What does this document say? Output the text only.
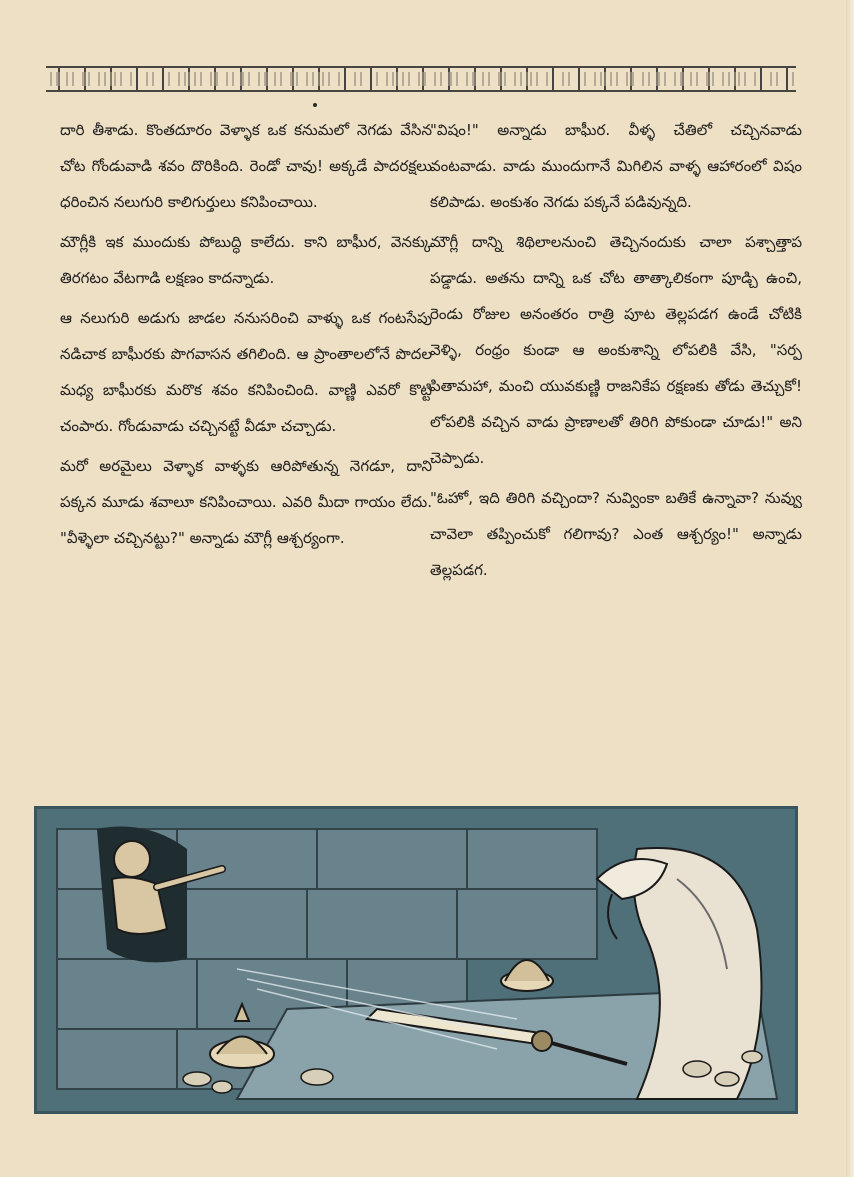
దారి తీశాడు. కొంతదూరం వెళ్ళాక ఒక కనుమలో నెగడు వేసిన చోట గోండువాడి శవం దొరికింది. రెండో చావు! అక్కడే పాదరక్షలు ధరించిన నలుగురి కాలిగుర్తులు కనిపించాయి.

మౌగ్లీకి ఇక ముందుకు పోబుద్ధి కాలేదు. కాని బాఘీర, వెనక్కు తిరగటం వేటగాడి లక్షణం కాదన్నాడు.

ఆ నలుగురి అడుగు జాడల ననుసరించి వాళ్ళు ఒక గంటసేపు నడిచాక బాఘీరకు పొగవాసన తగిలింది. ఆ ప్రాంతాలలోనే పొదల మధ్య బాఘీరకు మరొక శవం కనిపించింది. వాణ్ణి ఎవరో కొట్టి చంపారు. గోండువాడు చచ్చినట్టే వీడూ చచ్చాడు.

మరో అరమైలు వెళ్ళాక వాళ్ళకు ఆరిపోతున్న నెగడూ, దాని పక్కన మూడు శవాలూ కనిపించాయి. ఎవరి మీదా గాయం లేదు. "వీళ్ళెలా చచ్చినట్టు?" అన్నాడు మౌగ్లీ ఆశ్చర్యంగా.

"విషం!" అన్నాడు బాఘీర. వీళ్ళ చేతిలో చచ్చినవాడు వంటవాడు. వాడు ముందుగానే మిగిలిన వాళ్ళ ఆహారంలో విషం కలిపాడు. అంకుశం నెగడు పక్కనే పడివున్నది.

మౌగ్లీ దాన్ని శిథిలాలనుంచి తెచ్చినందుకు చాలా పశ్చాత్తాప పడ్డాడు. అతను దాన్ని ఒక చోట తాత్కాలికంగా పూడ్చి ఉంచి, రెండు రోజుల అనంతరం రాత్రి పూట తెల్లపడగ ఉండే చోటికి వెళ్ళి, రంధ్రం కుండా ఆ అంకుశాన్ని లోపలికి వేసి, "సర్ప పితామహా, మంచి యువకుణ్ణి రాజనికేప రక్షణకు తోడు తెచ్చుకో! లోపలికి వచ్చిన వాడు ప్రాణాలతో తిరిగి పోకుండా చూడు!" అని చెప్పాడు.

"ఓహో, ఇది తిరిగి వచ్చిందా? నువ్వింకా బతికే ఉన్నావా? నువ్వు చావెలా తప్పించుకో గలిగావు? ఎంత ఆశ్చర్యం!" అన్నాడు తెల్లపడగ.
